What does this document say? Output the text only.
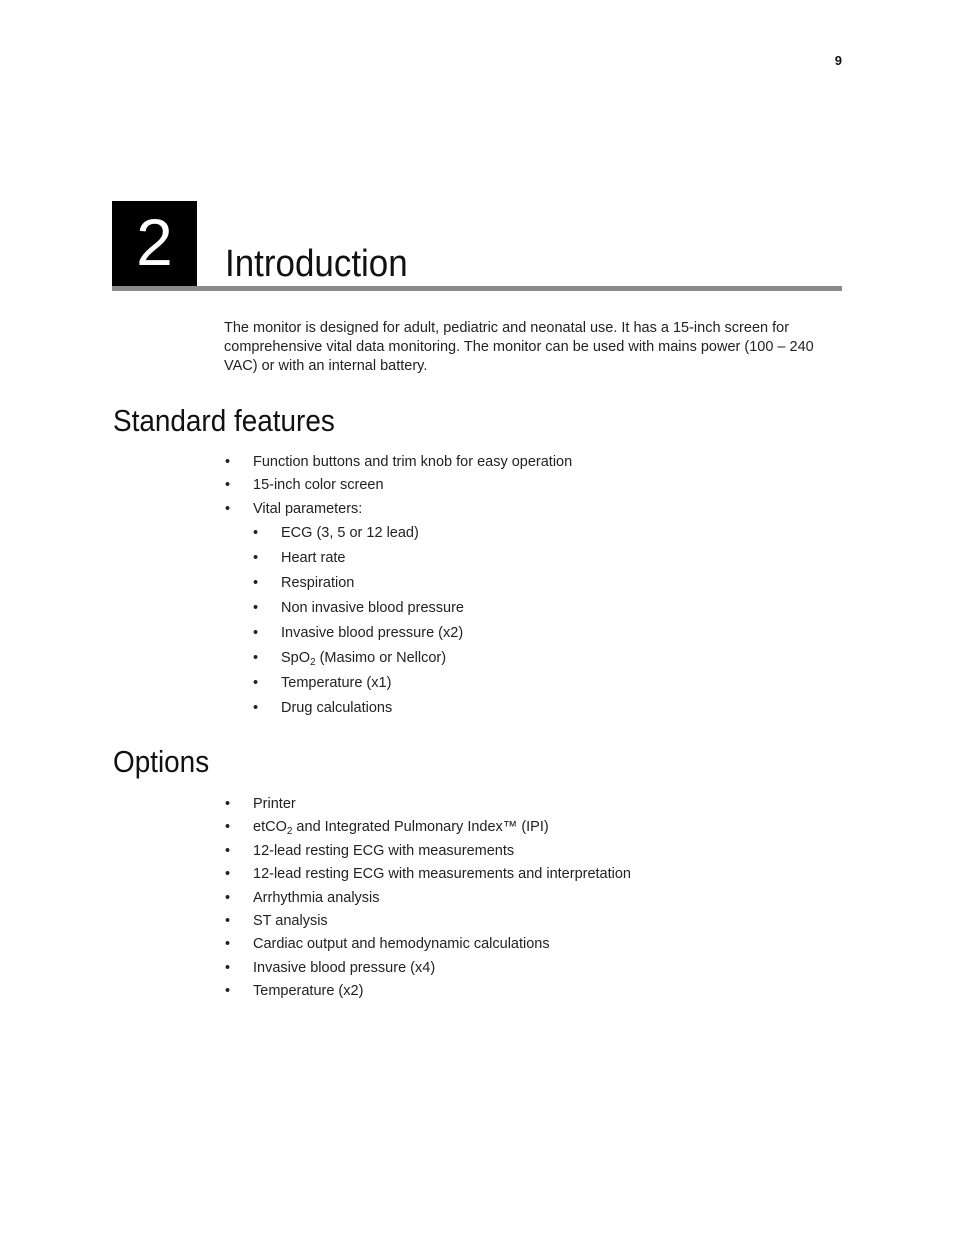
9
2	Introduction

The monitor is designed for adult, pediatric and neonatal use. It has a 15-inch screen for comprehensive vital data monitoring. The monitor can be used with mains power (100 – 240 VAC) or with an internal battery.

Standard features
• Function buttons and trim knob for easy operation
• 15-inch color screen
• Vital parameters:
• ECG (3, 5 or 12 lead)
• Heart rate
• Respiration
• Non invasive blood pressure
• Invasive blood pressure (x2)
• SpO$_2$ (Masimo or Nellcor)
• Temperature (x1)
• Drug calculations
Options
• Printer
• etCO$_2$ and Integrated Pulmonary Index™ (IPI)
• 12-lead resting ECG with measurements
• 12-lead resting ECG with measurements and interpretation
• Arrhythmia analysis
• ST analysis
• Cardiac output and hemodynamic calculations
• Invasive blood pressure (x4)
• Temperature (x2)
